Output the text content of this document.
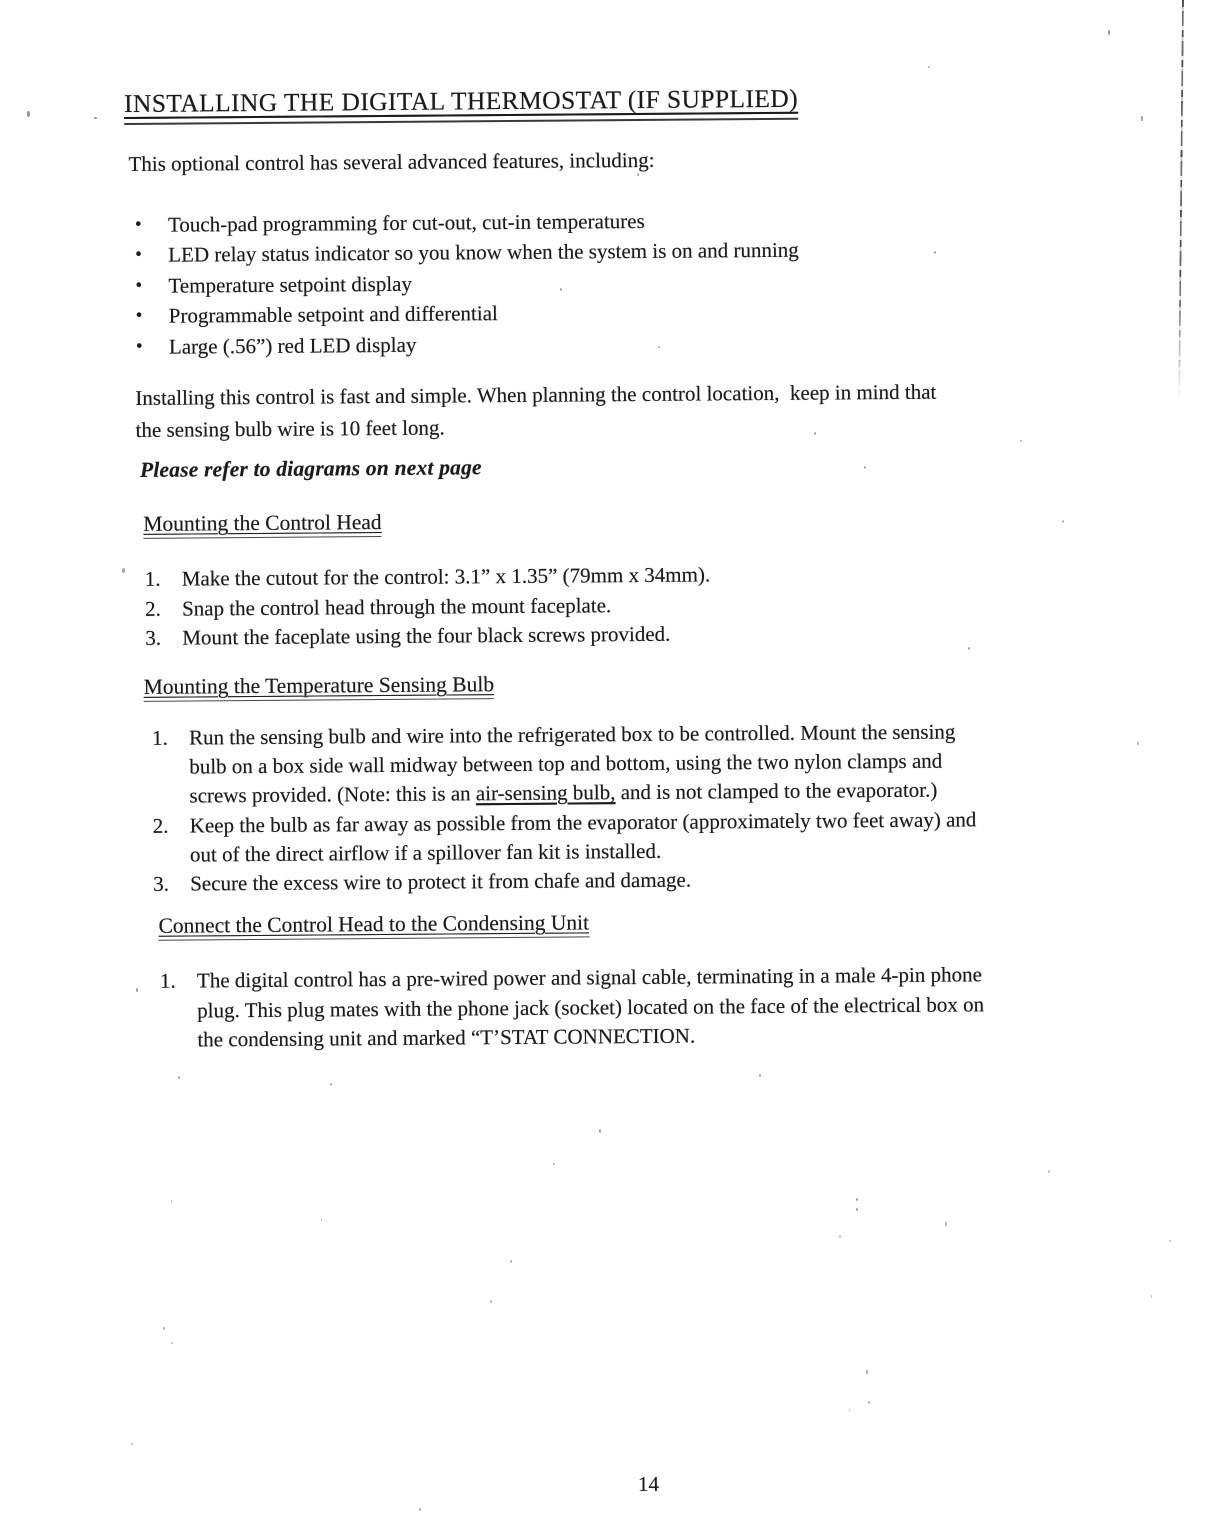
INSTALLING THE DIGITAL THERMOSTAT (IF SUPPLIED)
This optional control has several advanced features, including:
• Touch-pad programming for cut-out, cut-in temperatures
• LED relay status indicator so you know when the system is on and running
• Temperature setpoint display
• Programmable setpoint and differential
• Large (.56”) red LED display
Installing this control is fast and simple. When planning the control location,  keep in mind that
the sensing bulb wire is 10 feet long.
Please refer to diagrams on next page
Mounting the Control Head
1. Make the cutout for the control: 3.1” x 1.35” (79mm x 34mm).
2. Snap the control head through the mount faceplate.
3. Mount the faceplate using the four black screws provided.
Mounting the Temperature Sensing Bulb
1. Run the sensing bulb and wire into the refrigerated box to be controlled. Mount the sensing
bulb on a box side wall midway between top and bottom, using the two nylon clamps and
screws provided. (Note: this is an air-sensing bulb, and is not clamped to the evaporator.)
2. Keep the bulb as far away as possible from the evaporator (approximately two feet away) and
out of the direct airflow if a spillover fan kit is installed.
3. Secure the excess wire to protect it from chafe and damage.
Connect the Control Head to the Condensing Unit
1. The digital control has a pre-wired power and signal cable, terminating in a male 4-pin phone
plug. This plug mates with the phone jack (socket) located on the face of the electrical box on
the condensing unit and marked “T’STAT CONNECTION.
14
